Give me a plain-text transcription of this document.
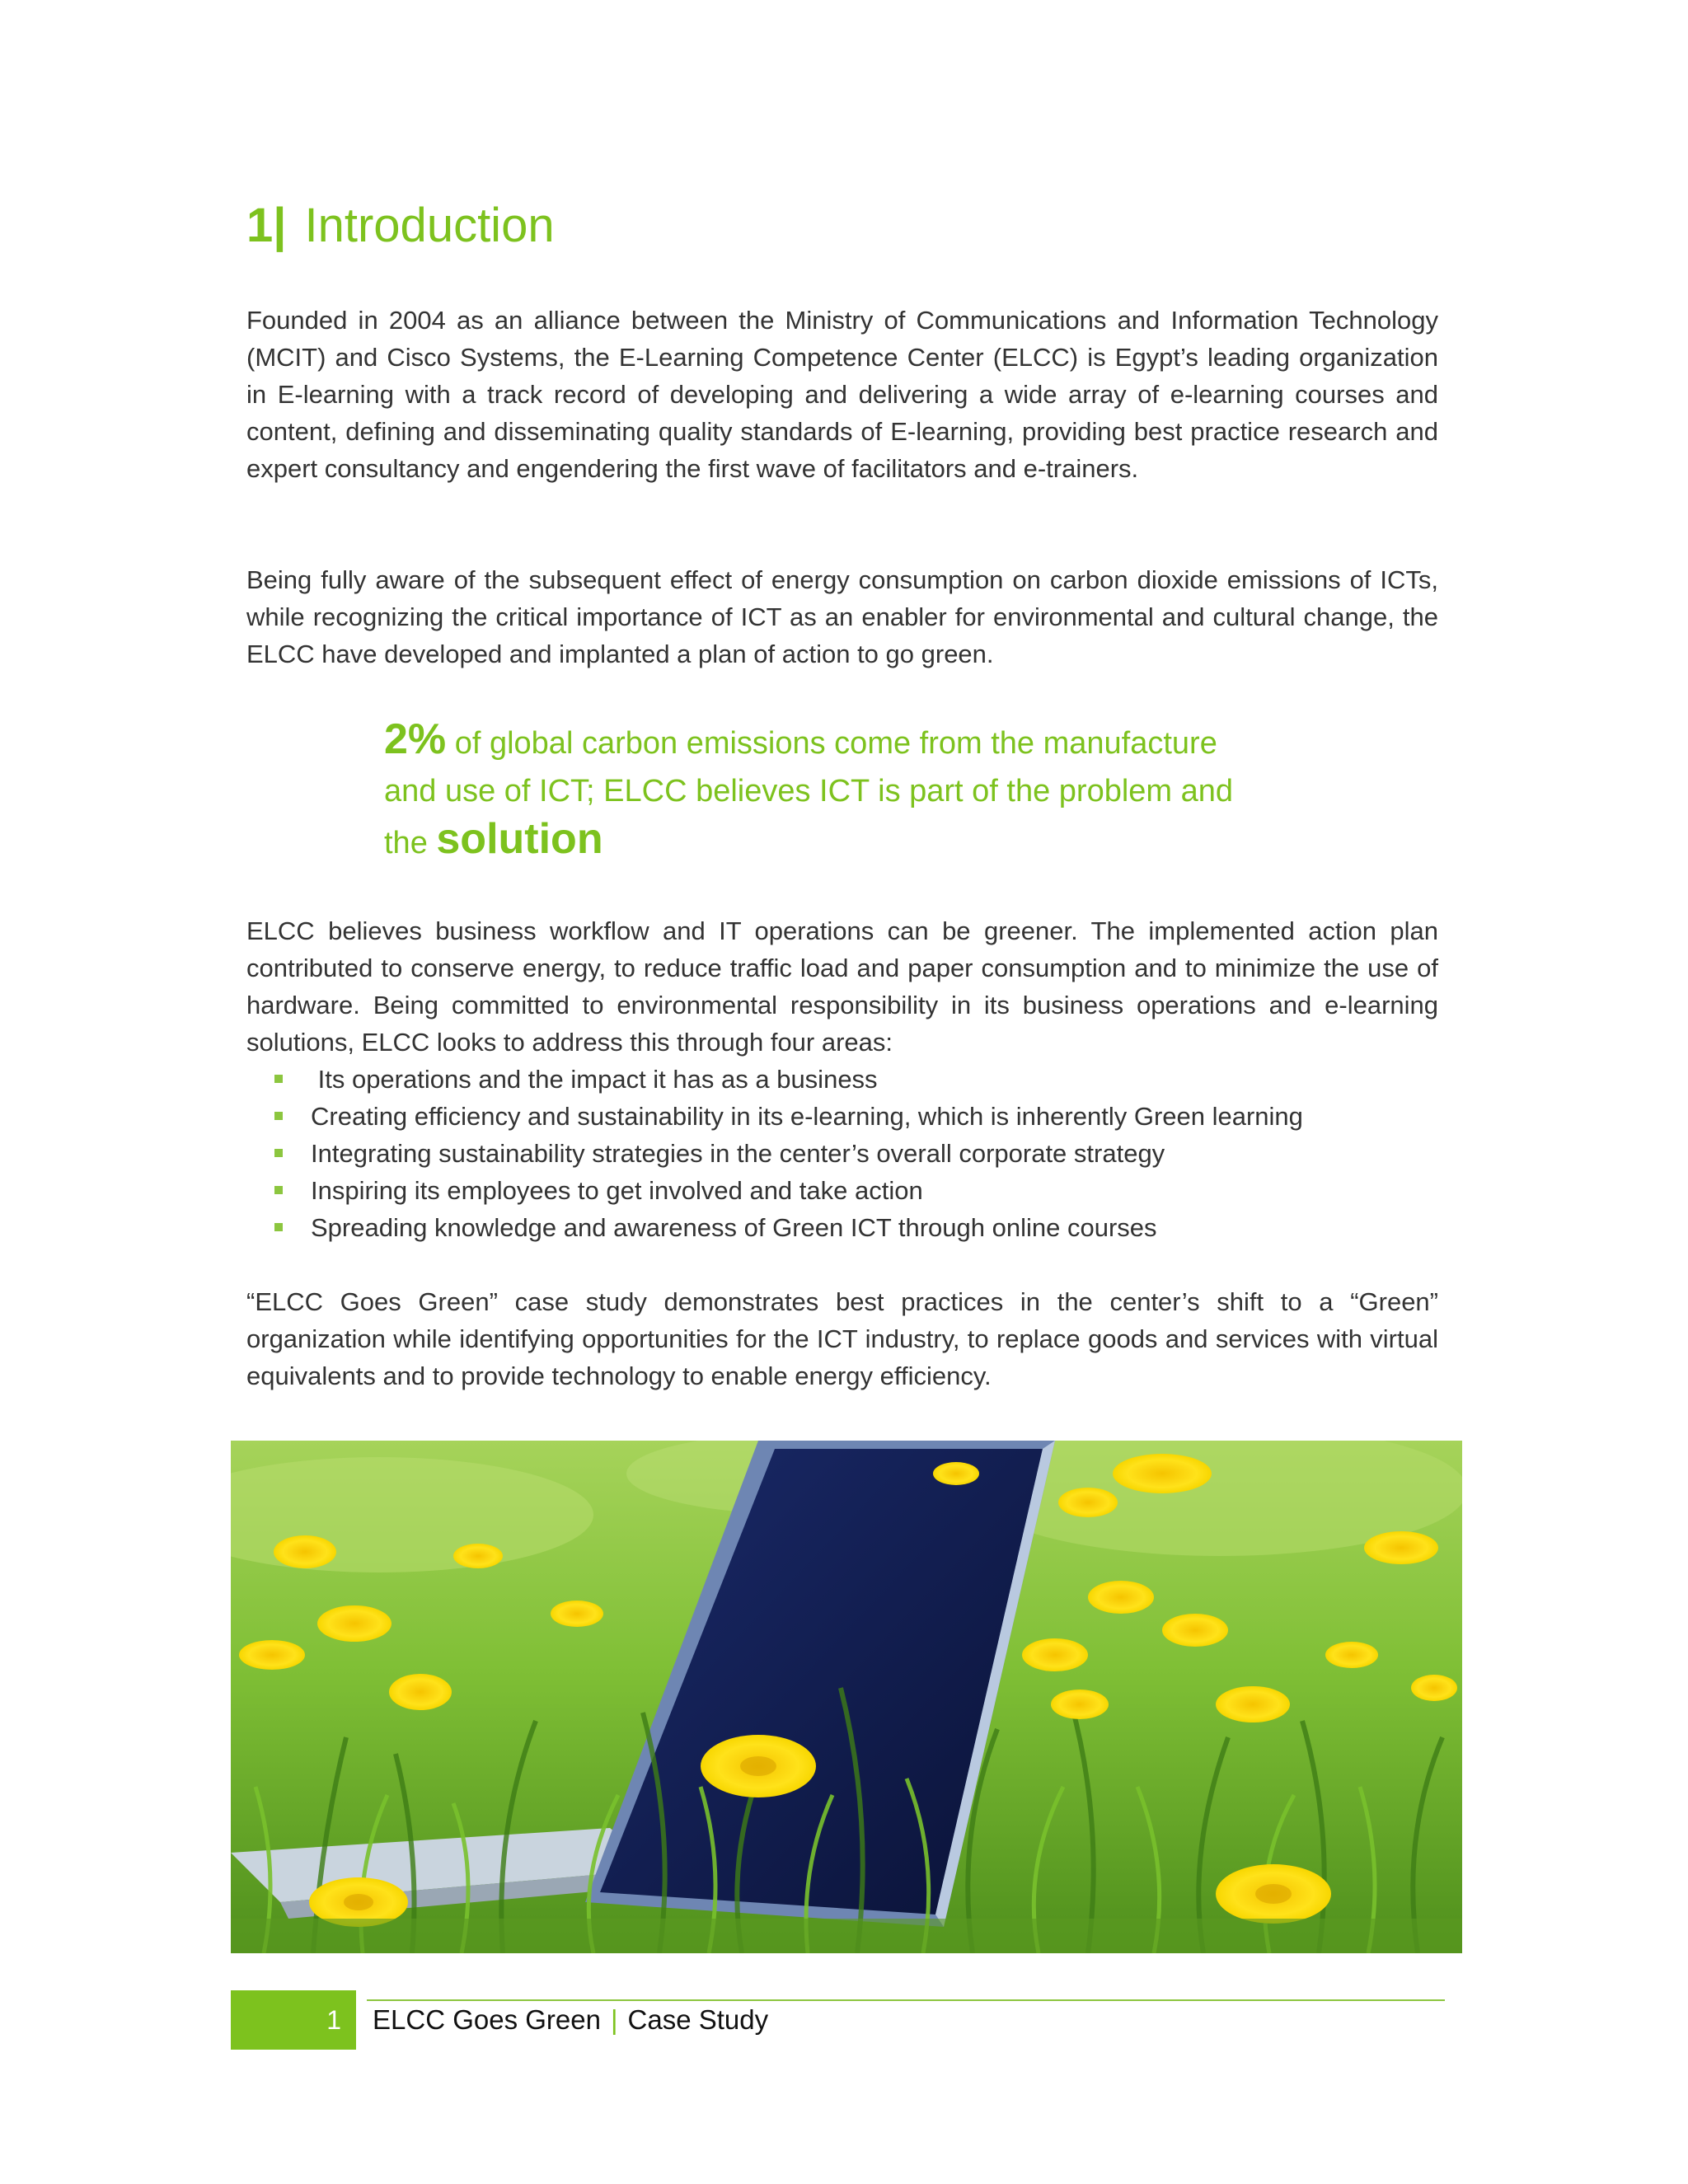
1| Introduction

Founded in 2004 as an alliance between the Ministry of Communications and Information Technology (MCIT) and Cisco Systems, the E-Learning Competence Center (ELCC) is Egypt’s leading organization in E-learning with a track record of developing and delivering a wide array of e-learning courses and content, defining and disseminating quality standards of E-learning, providing best practice research and expert consultancy and engendering the first wave of facilitators and e-trainers.

Being fully aware of the subsequent effect of energy consumption on carbon dioxide emissions of ICTs, while recognizing the critical importance of ICT as an enabler for environmental and cultural change, the ELCC have developed and implanted a plan of action to go green.

2% of global carbon emissions come from the manufacture
and use of ICT; ELCC believes ICT is part of the problem and
the solution

ELCC believes business workflow and IT operations can be greener. The implemented action plan contributed to conserve energy, to reduce traffic load and paper consumption and to minimize the use of hardware. Being committed to environmental responsibility in its business operations and e-learning solutions, ELCC looks to address this through four areas:

Its operations and the impact it has as a business
Creating efficiency and sustainability in its e-learning, which is inherently Green learning
Integrating sustainability strategies in the center’s overall corporate strategy
Inspiring its employees to get involved and take action
Spreading knowledge and awareness of Green ICT through online courses

“ELCC Goes Green” case study demonstrates best practices in the center’s shift to a “Green” organization while identifying opportunities for the ICT industry, to replace goods and services with virtual equivalents and to provide technology to enable energy efficiency.

1 ELCC Goes Green | Case Study
